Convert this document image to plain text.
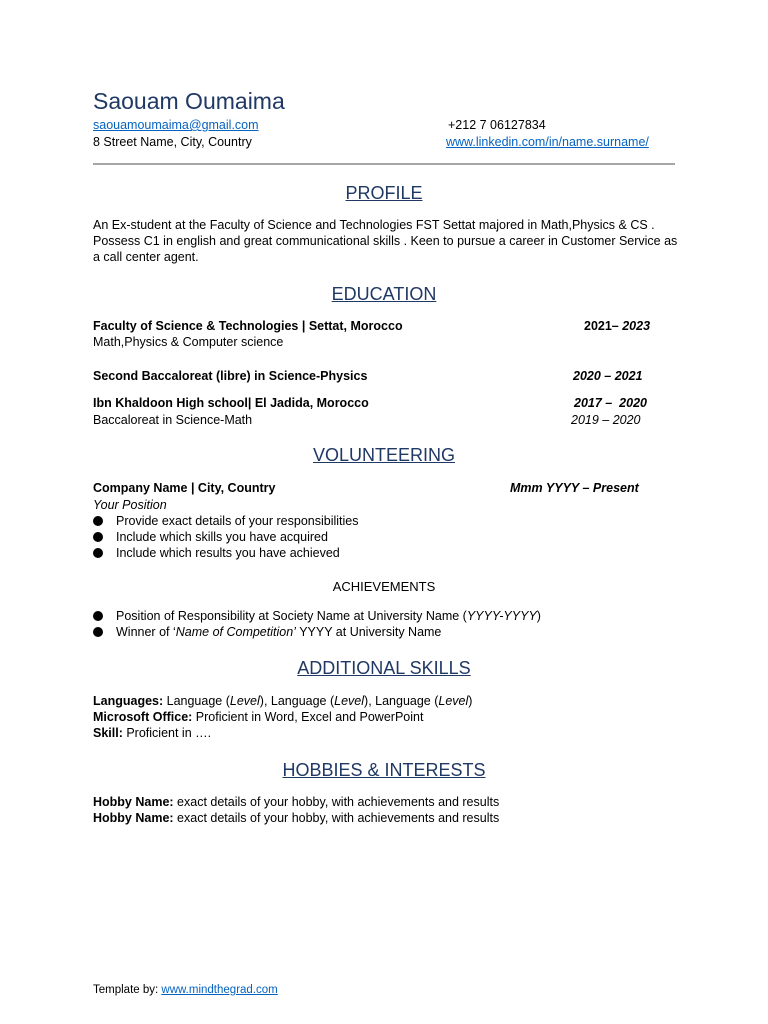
Saouam Oumaima
saouamoumaima@gmail.com	+212 7 06127834
8 Street Name, City, Country	www.linkedin.com/in/name.surname/
PROFILE
An Ex-student at the Faculty of Science and Technologies FST Settat majored in Math,Physics & CS . Possess C1 in english and great communicational skills . Keen to pursue a career in Customer Service as a call center agent.
EDUCATION
Faculty of Science & Technologies | Settat, Morocco	2021– 2023
Math,Physics & Computer science
Second Baccaloreat (libre) in Science-Physics	2020 – 2021
Ibn Khaldoon High school| El Jadida, Morocco	2017 –  2020
Baccaloreat in Science-Math	2019 – 2020
VOLUNTEERING
Company Name | City, Country	Mmm YYYY – Present
Your Position
Provide exact details of your responsibilities
Include which skills you have acquired
Include which results you have achieved
ACHIEVEMENTS
Position of Responsibility at Society Name at University Name (YYYY-YYYY)
Winner of ‘Name of Competition’ YYYY at University Name
ADDITIONAL SKILLS
Languages: Language (Level), Language (Level), Language (Level)
Microsoft Office: Proficient in Word, Excel and PowerPoint
Skill: Proficient in ….
HOBBIES & INTERESTS
Hobby Name: exact details of your hobby, with achievements and results
Hobby Name: exact details of your hobby, with achievements and results
Template by: www.mindthegrad.com
